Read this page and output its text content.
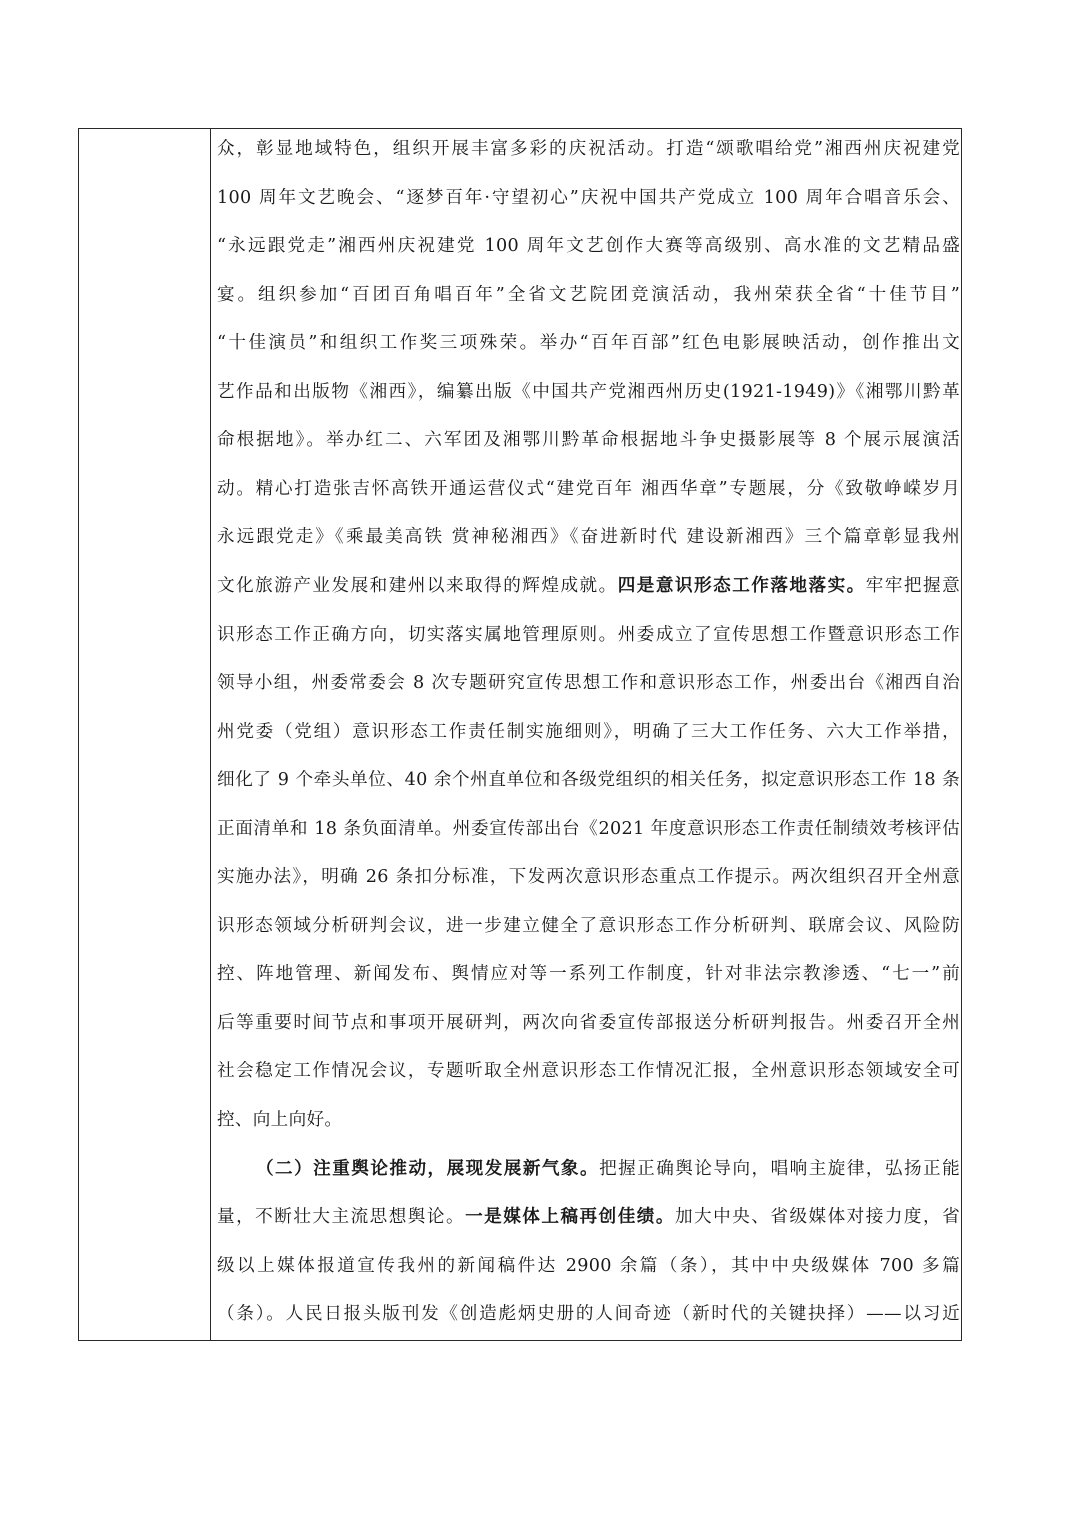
众，彰显地域特色，组织开展丰富多彩的庆祝活动。打造“颂歌唱给党”湘西州庆祝建党
100 周年文艺晚会、“逐梦百年·守望初心”庆祝中国共产党成立 100 周年合唱音乐会、
“永远跟党走”湘西州庆祝建党 100 周年文艺创作大赛等高级别、高水准的文艺精品盛
宴。组织参加“百团百角唱百年”全省文艺院团竞演活动，我州荣获全省“十佳节目”
“十佳演员”和组织工作奖三项殊荣。举办“百年百部”红色电影展映活动，创作推出文
艺作品和出版物《湘西》，编纂出版《中国共产党湘西州历史(1921-1949)》《湘鄂川黔革
命根据地》。举办红二、六军团及湘鄂川黔革命根据地斗争史摄影展等 8 个展示展演活
动。精心打造张吉怀高铁开通运营仪式“建党百年 湘西华章”专题展，分《致敬峥嵘岁月
永远跟党走》《乘最美高铁 赏神秘湘西》《奋进新时代 建设新湘西》三个篇章彰显我州
文化旅游产业发展和建州以来取得的辉煌成就。四是意识形态工作落地落实。牢牢把握意
识形态工作正确方向，切实落实属地管理原则。州委成立了宣传思想工作暨意识形态工作
领导小组，州委常委会 8 次专题研究宣传思想工作和意识形态工作，州委出台《湘西自治
州党委（党组）意识形态工作责任制实施细则》，明确了三大工作任务、六大工作举措，
细化了 9 个牵头单位、40 余个州直单位和各级党组织的相关任务，拟定意识形态工作 18 条
正面清单和 18 条负面清单。州委宣传部出台《2021 年度意识形态工作责任制绩效考核评估
实施办法》，明确 26 条扣分标准，下发两次意识形态重点工作提示。两次组织召开全州意
识形态领域分析研判会议，进一步建立健全了意识形态工作分析研判、联席会议、风险防
控、阵地管理、新闻发布、舆情应对等一系列工作制度，针对非法宗教渗透、“七一”前
后等重要时间节点和事项开展研判，两次向省委宣传部报送分析研判报告。州委召开全州
社会稳定工作情况会议，专题听取全州意识形态工作情况汇报，全州意识形态领域安全可
控、向上向好。
（二）注重舆论推动，展现发展新气象。把握正确舆论导向，唱响主旋律，弘扬正能
量，不断壮大主流思想舆论。一是媒体上稿再创佳绩。加大中央、省级媒体对接力度，省
级以上媒体报道宣传我州的新闻稿件达 2900 余篇（条），其中中央级媒体 700 多篇
（条）。人民日报头版刊发《创造彪炳史册的人间奇迹（新时代的关键抉择）——以习近
